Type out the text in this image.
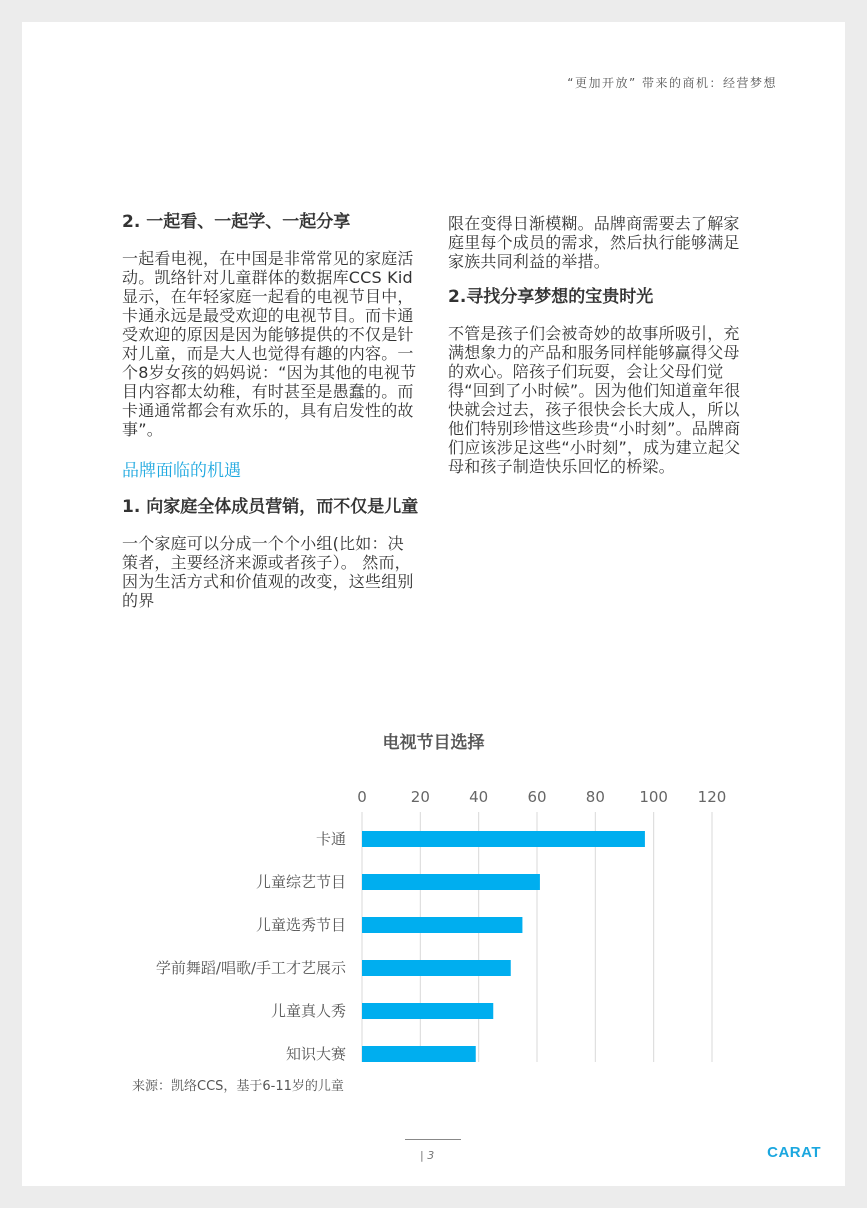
“更加开放” 带来的商机：经营梦想
2. 一起看、一起学、一起分享

一起看电视，在中国是非常常见的家庭活动。凯络针对儿童群体的数据库CCS Kid显示，在年轻家庭一起看的电视节目中，卡通永远是最受欢迎的电视节目。而卡通受欢迎的原因是因为能够提供的不仅是针对儿童，而是大人也觉得有趣的内容。一个8岁女孩的妈妈说：“因为其他的电视节目内容都太幼稚，有时甚至是愚蠢的。而卡通通常都会有欢乐的，具有启发性的故事”。

品牌面临的机遇
1. 向家庭全体成员营销，而不仅是儿童

一个家庭可以分成一个个小组(比如：决策者，主要经济来源或者孩子）。 然而，因为生活方式和价值观的改变，这些组别的界

限在变得日渐模糊。品牌商需要去了解家庭里每个成员的需求，然后执行能够满足家族共同利益的举措。

2.寻找分享梦想的宝贵时光

不管是孩子们会被奇妙的故事所吸引，充满想象力的产品和服务同样能够赢得父母的欢心。陪孩子们玩耍，会让父母们觉得“回到了小时候”。因为他们知道童年很快就会过去，孩子很快会长大成人，所以他们特别珍惜这些珍贵“小时刻”。品牌商们应该涉足这些“小时刻”，成为建立起父母和孩子制造快乐回忆的桥梁。

电视节目选择
0	20	40	60	80 100 120
卡通
儿童综艺节目
儿童选秀节目
学前舞蹈/唱歌/手工才艺展示
儿童真人秀
知识大赛
来源：凯络CCS，基于6-11岁的儿童
| 3	CARAT
